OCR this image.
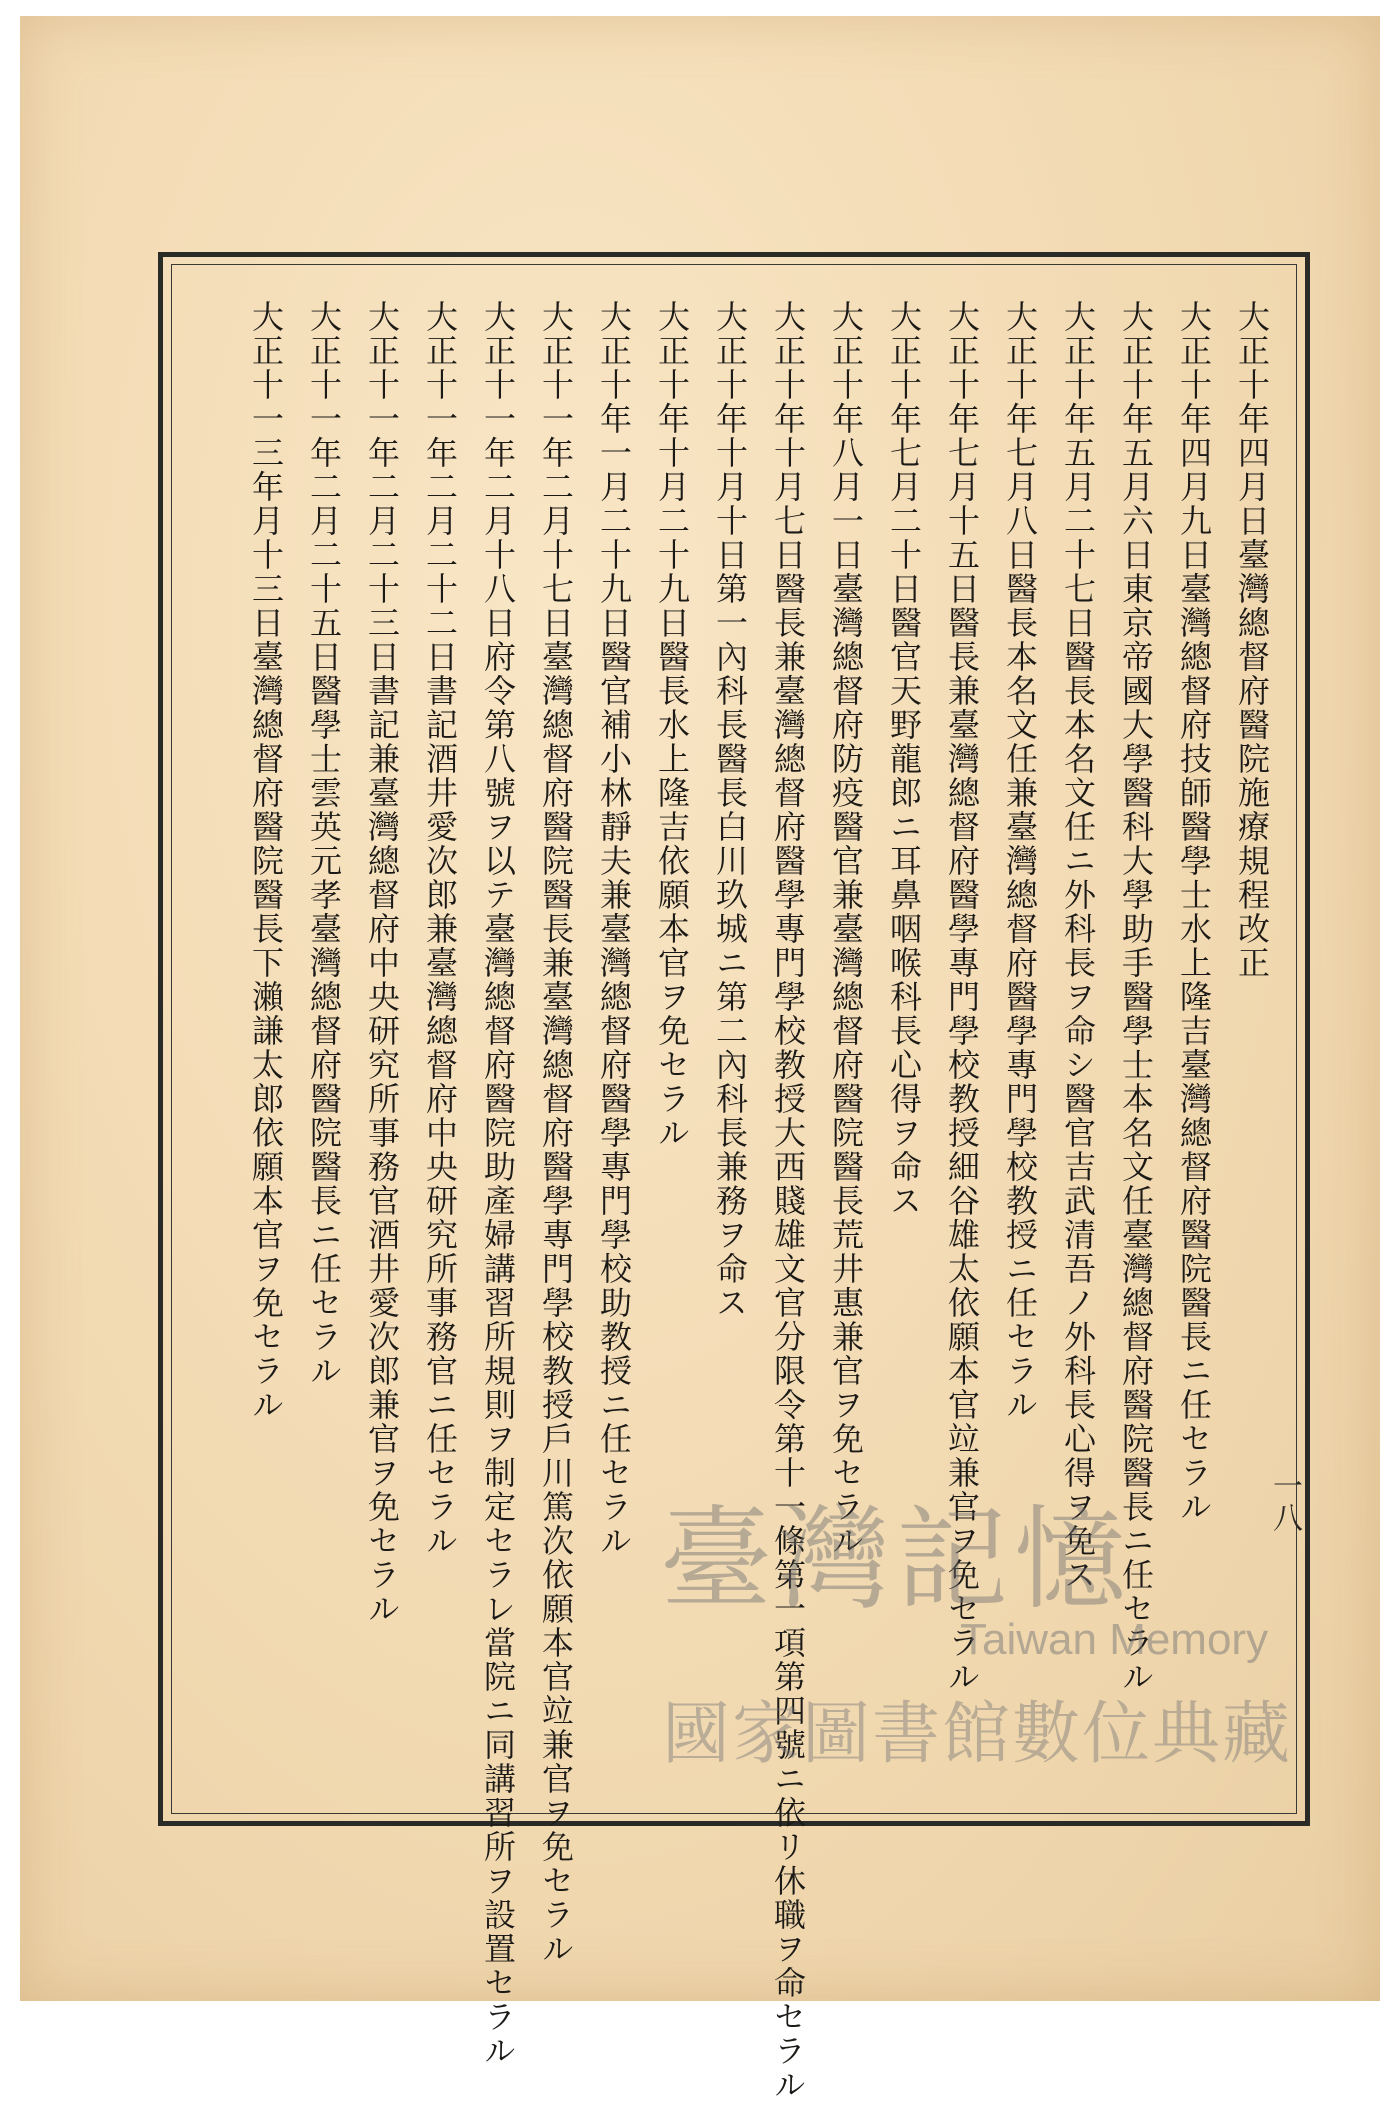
大正十年四月日臺灣總督府醫院施療規程改正
大正十年四月九日臺灣總督府技師醫學士水上隆吉臺灣總督府醫院醫長ニ任セラル
大正十年五月六日東京帝國大學醫科大學助手醫學士本名文任臺灣總督府醫院醫長ニ任セラル
大正十年五月二十七日醫長本名文任ニ外科長ヲ命シ醫官吉武清吾ノ外科長心得ヲ免ス
大正十年七月八日醫長本名文任兼臺灣總督府醫學專門學校教授ニ任セラル
大正十年七月十五日醫長兼臺灣總督府醫學專門學校教授細谷雄太依願本官竝兼官ヲ免セラル
大正十年七月二十日醫官天野龍郎ニ耳鼻咽喉科長心得ヲ命ス
大正十年八月一日臺灣總督府防疫醫官兼臺灣總督府醫院醫長荒井惠兼官ヲ免セラル
大正十年十月七日醫長兼臺灣總督府醫學專門學校教授大西賤雄文官分限令第十一條第一項第四號ニ依リ休職ヲ命セラル
大正十年十月十日第一內科長醫長白川玖城ニ第二內科長兼務ヲ命ス
大正十年十月二十九日醫長水上隆吉依願本官ヲ免セラル
大正十年一月二十九日醫官補小林靜夫兼臺灣總督府醫學專門學校助教授ニ任セラル
大正十一年二月十七日臺灣總督府醫院醫長兼臺灣總督府醫學專門學校教授戶川篤次依願本官竝兼官ヲ免セラル
大正十一年二月十八日府令第八號ヲ以テ臺灣總督府醫院助產婦講習所規則ヲ制定セラレ當院ニ同講習所ヲ設置セラル
大正十一年二月二十二日書記酒井愛次郎兼臺灣總督府中央研究所事務官ニ任セラル
大正十一年二月二十三日書記兼臺灣總督府中央研究所事務官酒井愛次郎兼官ヲ免セラル
大正十一年二月二十五日醫學士雲英元孝臺灣總督府醫院醫長ニ任セラル
大正十一三年月十三日臺灣總督府醫院醫長下瀨謙太郎依願本官ヲ免セラル
一八
臺灣記憶
Taiwan Memory
國家圖書館數位典藏
